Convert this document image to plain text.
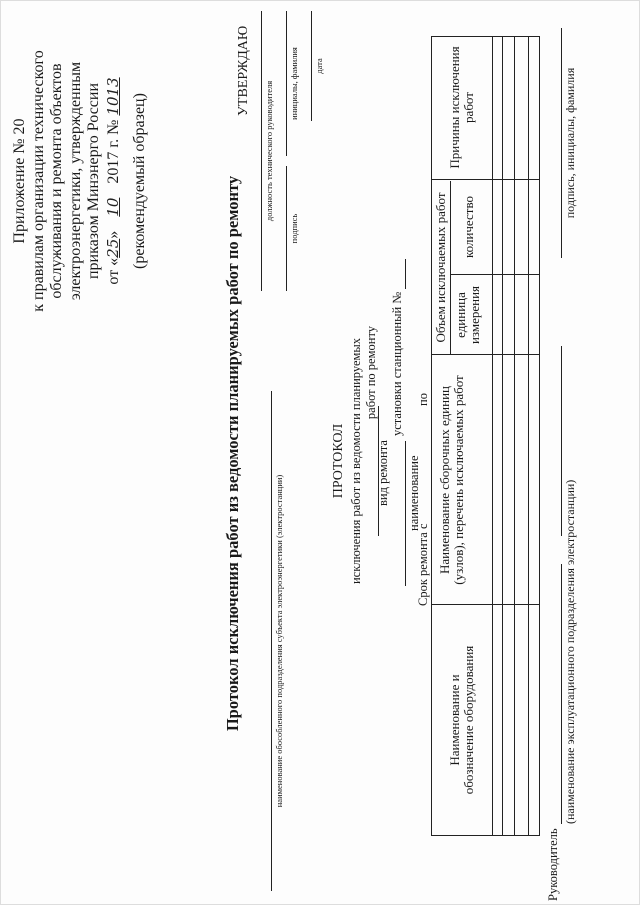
Приложение № 20 к правилам организации технического обслуживания и ремонта объектов электроэнергетики, утвержденным приказом Минэнерго России от «25» 10 2017 г. № 1013 (рекомендуемый образец)
УТВЕРЖДАЮ
должность технического руководителя
подпись
инициалы, фамилия дата
Протокол исключения работ из ведомости планируемых работ по ремонту	наименование обособленного подразделения субъекта электроэнергетики (электростанции)
ПРОТОКОЛ исключения работ из ведомости планируемых работ по ремонту
вид ремонта
установки станционный №
наименование
Срок ремонта с
по
Наименование и обозначение оборудования
Наименование сборочных единиц (узлов), перечень исключаемых работ
Объем исключаемых работ единица измерения
количество
Причины исключения работ
Руководитель
(наименование эксплуатационного подразделения электростанции)
подпись, инициалы, фамилия
